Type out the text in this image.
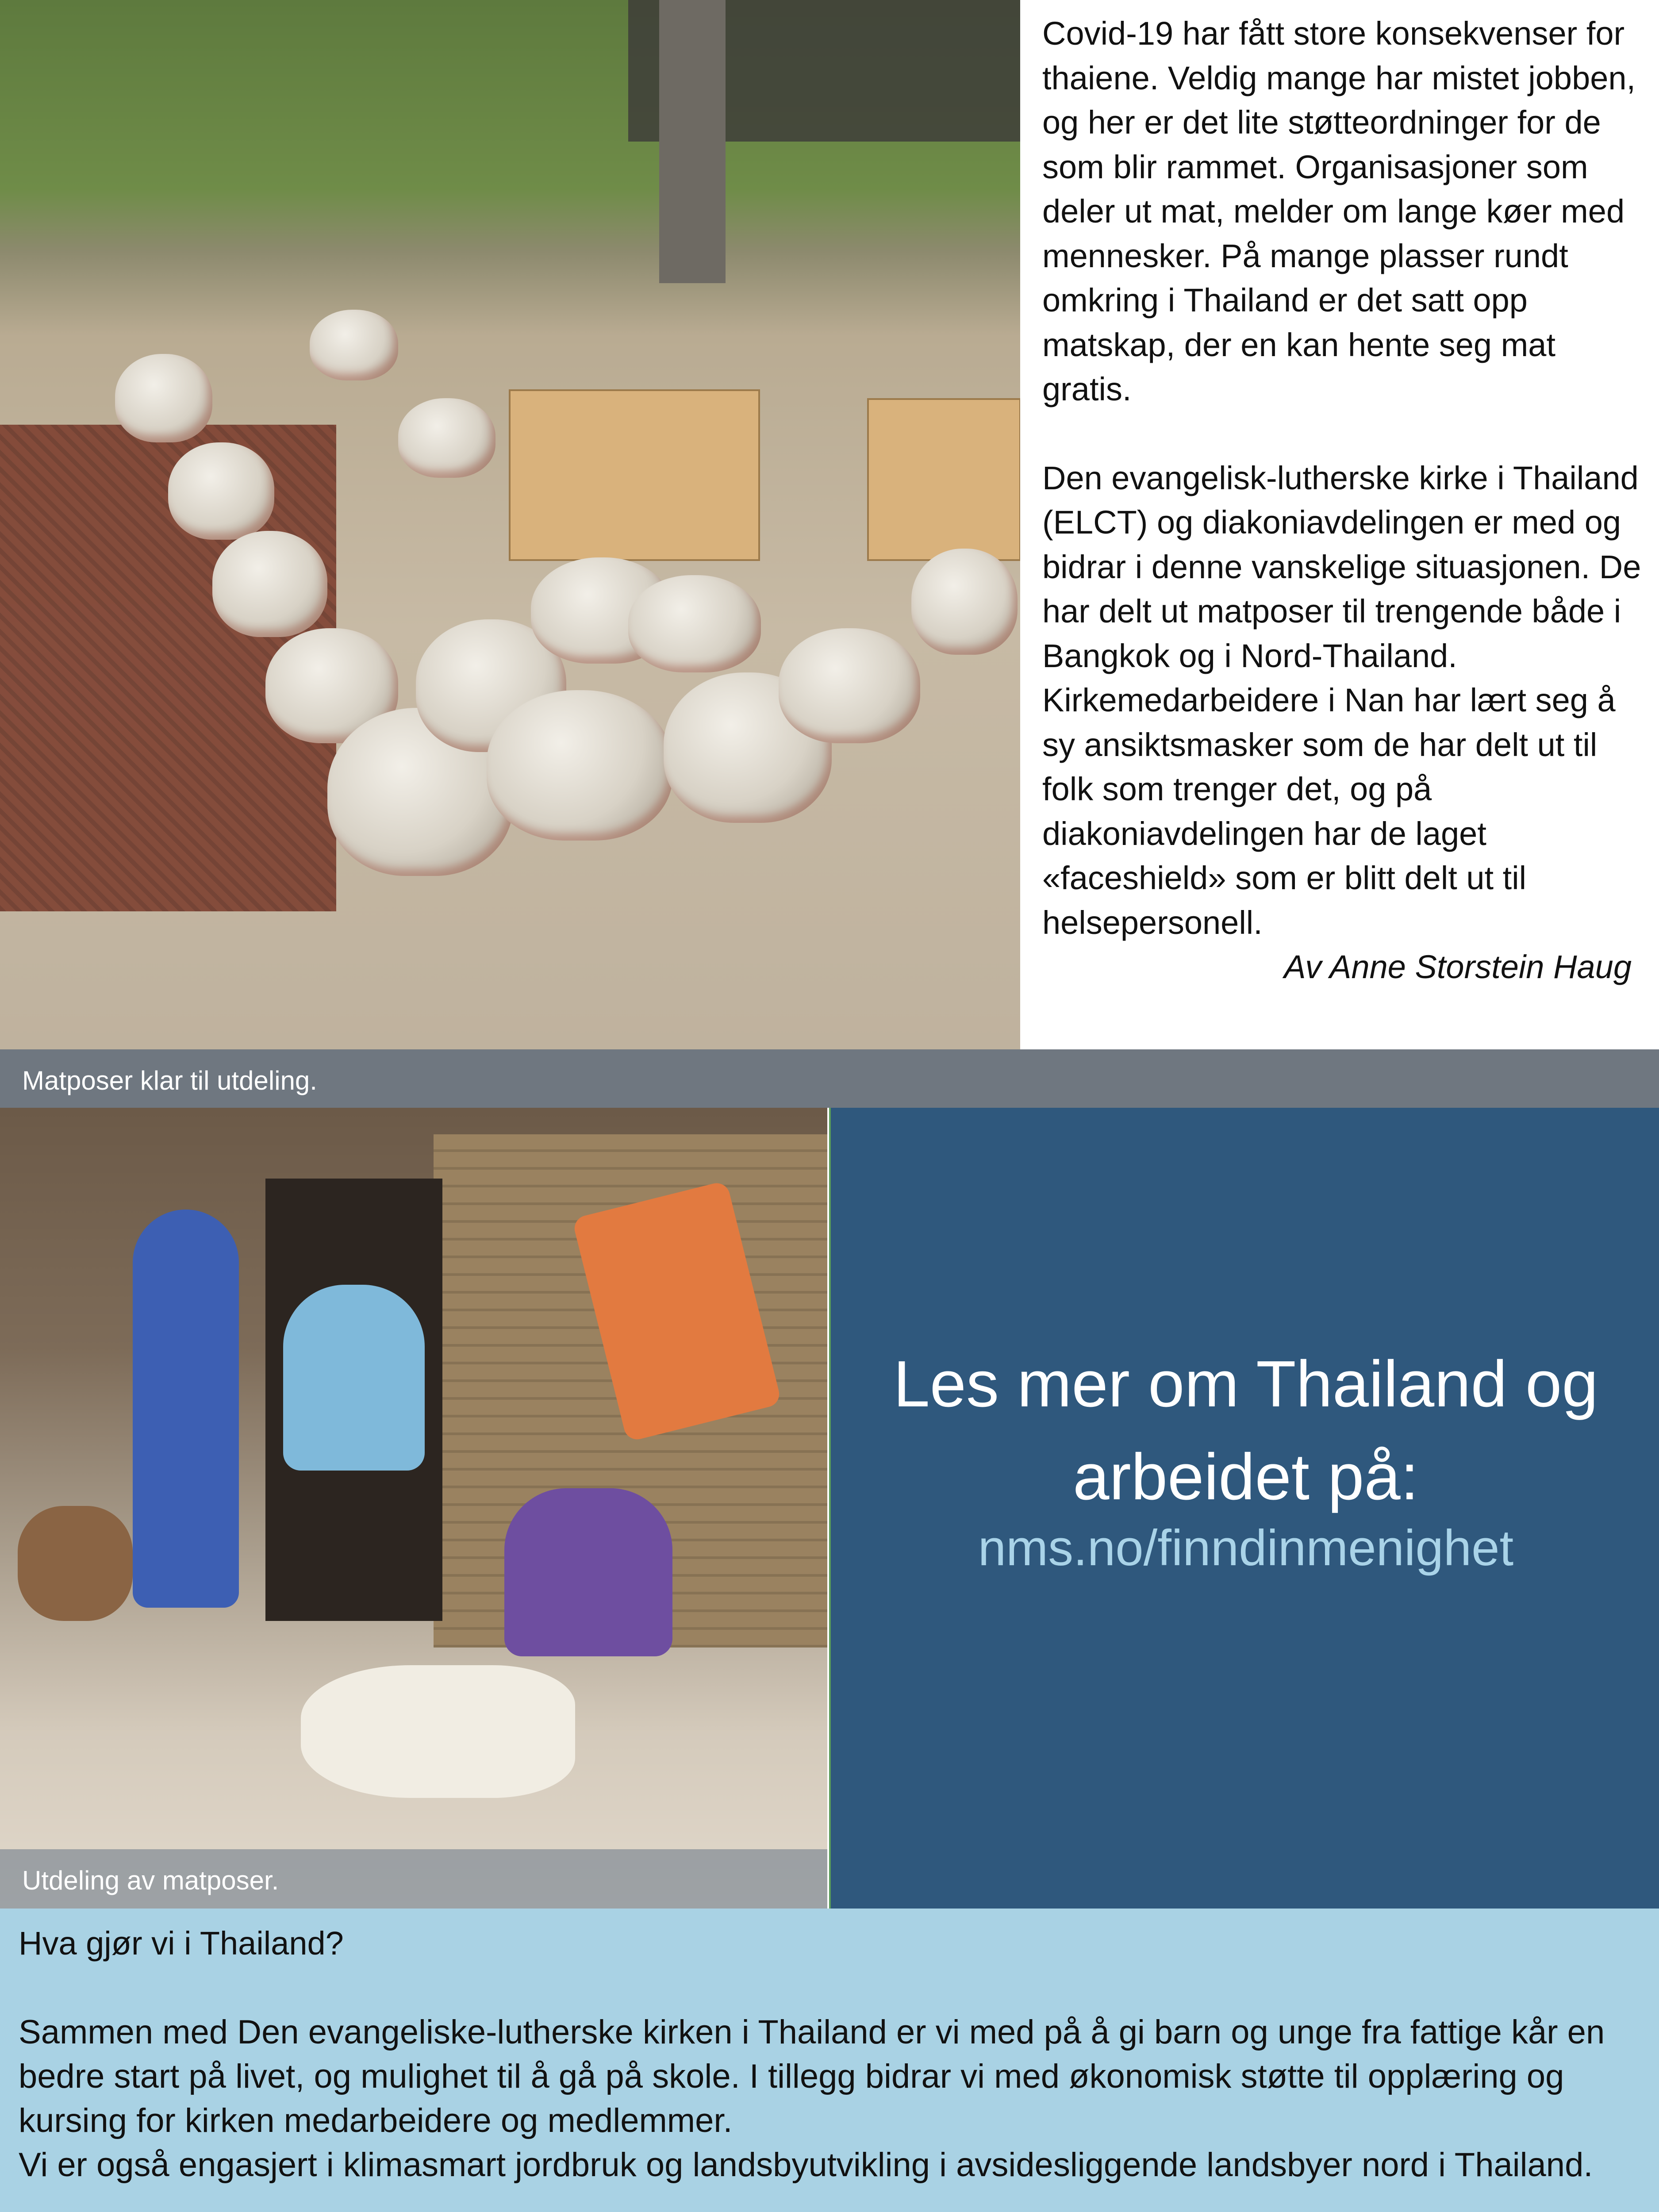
Matposer klar til utdeling.

Covid-19 har fått store konsekvenser for thaiene. Veldig mange har mistet jobben, og her er det lite støtteordninger for de som blir rammet. Organisasjoner som deler ut mat, melder om lange køer med mennesker. På mange plasser rundt omkring i Thailand er det satt opp matskap, der en kan hente seg mat gratis.

Den evangelisk-lutherske kirke i Thailand (ELCT) og diakoniavdelingen er med og bidrar i denne vanskelige situasjonen. De har delt ut matposer til trengende både i Bangkok og i Nord-Thailand. Kirkemedarbeidere i Nan har lært seg å sy ansiktsmasker som de har delt ut til folk som trenger det, og på diakoniavdelingen har de laget «faceshield» som er blitt delt ut til helsepersonell.

Av Anne Storstein Haug

Utdeling av matposer.
Les mer om Thailand og
arbeidet på:
nms.no/finndinmenighet
Hva gjør vi i Thailand?

Sammen med Den evangeliske-lutherske kirken i Thailand er vi med på å gi barn og unge fra fattige kår en bedre start på livet, og mulighet til å gå på skole. I tillegg bidrar vi med økonomisk støtte til opplæring og kursing for kirken medarbeidere og medlemmer.

Vi er også engasjert i klimasmart jordbruk og landsbyutvikling i avsidesliggende landsbyer nord i Thailand.
